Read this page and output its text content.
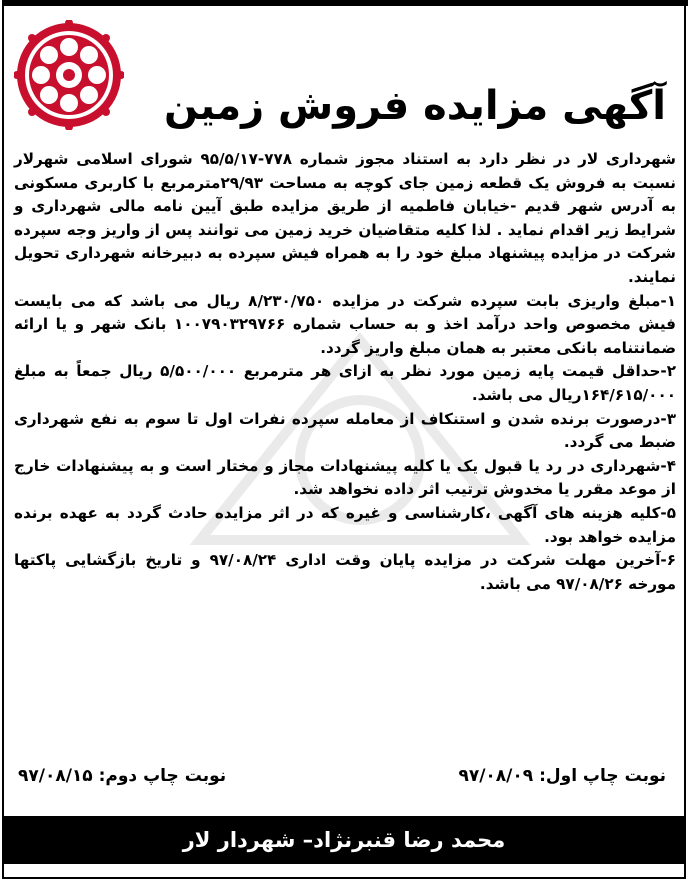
آگهی مزایده فروش زمین

شهرداری لار در نظر دارد به استناد مجوز شماره ۷۷۸-۹۵/۵/۱۷ شورای اسلامی شهرلار نسبت به فروش یک قطعه زمین جای کوچه به مساحت ۲۹/۹۳مترمربع با کاربری مسکونی به آدرس شهر قدیم -خیابان فاطمیه از طریق مزایده طبق آیین نامه مالی شهرداری و شرایط زیر اقدام نماید . لذا کلیه متقاضیان خرید زمین می توانند پس از واریز وجه سپرده شرکت در مزایده پیشنهاد مبلغ خود را به همراه فیش سپرده به دبیرخانه شهرداری تحویل نمایند.

۱-مبلغ واریزی بابت سپرده شرکت در مزایده ۸/۲۳۰/۷۵۰ ریال می باشد که می بایست فیش مخصوص واحد درآمد اخذ و به حساب شماره ۱۰۰۷۹۰۳۲۹۷۶۶ بانک شهر و یا ارائه ضمانتنامه بانکی معتبر به همان مبلغ واریز گردد.

۲-حداقل قیمت پایه زمین مورد نظر به ازای هر مترمربع ۵/۵۰۰/۰۰۰ ریال جمعاً به مبلغ ۱۶۴/۶۱۵/۰۰۰ریال می باشد.

۳-درصورت برنده شدن و استنکاف از معامله سپرده نفرات اول تا سوم به نفع شهرداری ضبط می گردد.

۴-شهرداری در رد یا قبول یک یا کلیه پیشنهادات مجاز و مختار است و به پیشنهادات خارج از موعد مقرر یا مخدوش ترتیب اثر داده نخواهد شد.

۵-کلیه هزینه های آگهی ،کارشناسی و غیره که در اثر مزایده حادث گردد به عهده برنده مزایده خواهد بود.

۶-آخرین مهلت شرکت در مزایده پایان وقت اداری ۹۷/۰۸/۲۴ و تاریخ بازگشایی پاکتها مورخه ۹۷/۰۸/۲۶ می باشد.

نوبت چاپ اول: ۹۷/۰۸/۰۹
نوبت چاپ دوم: ۹۷/۰۸/۱۵
محمد رضا قنبرنژاد– شهردار لار
